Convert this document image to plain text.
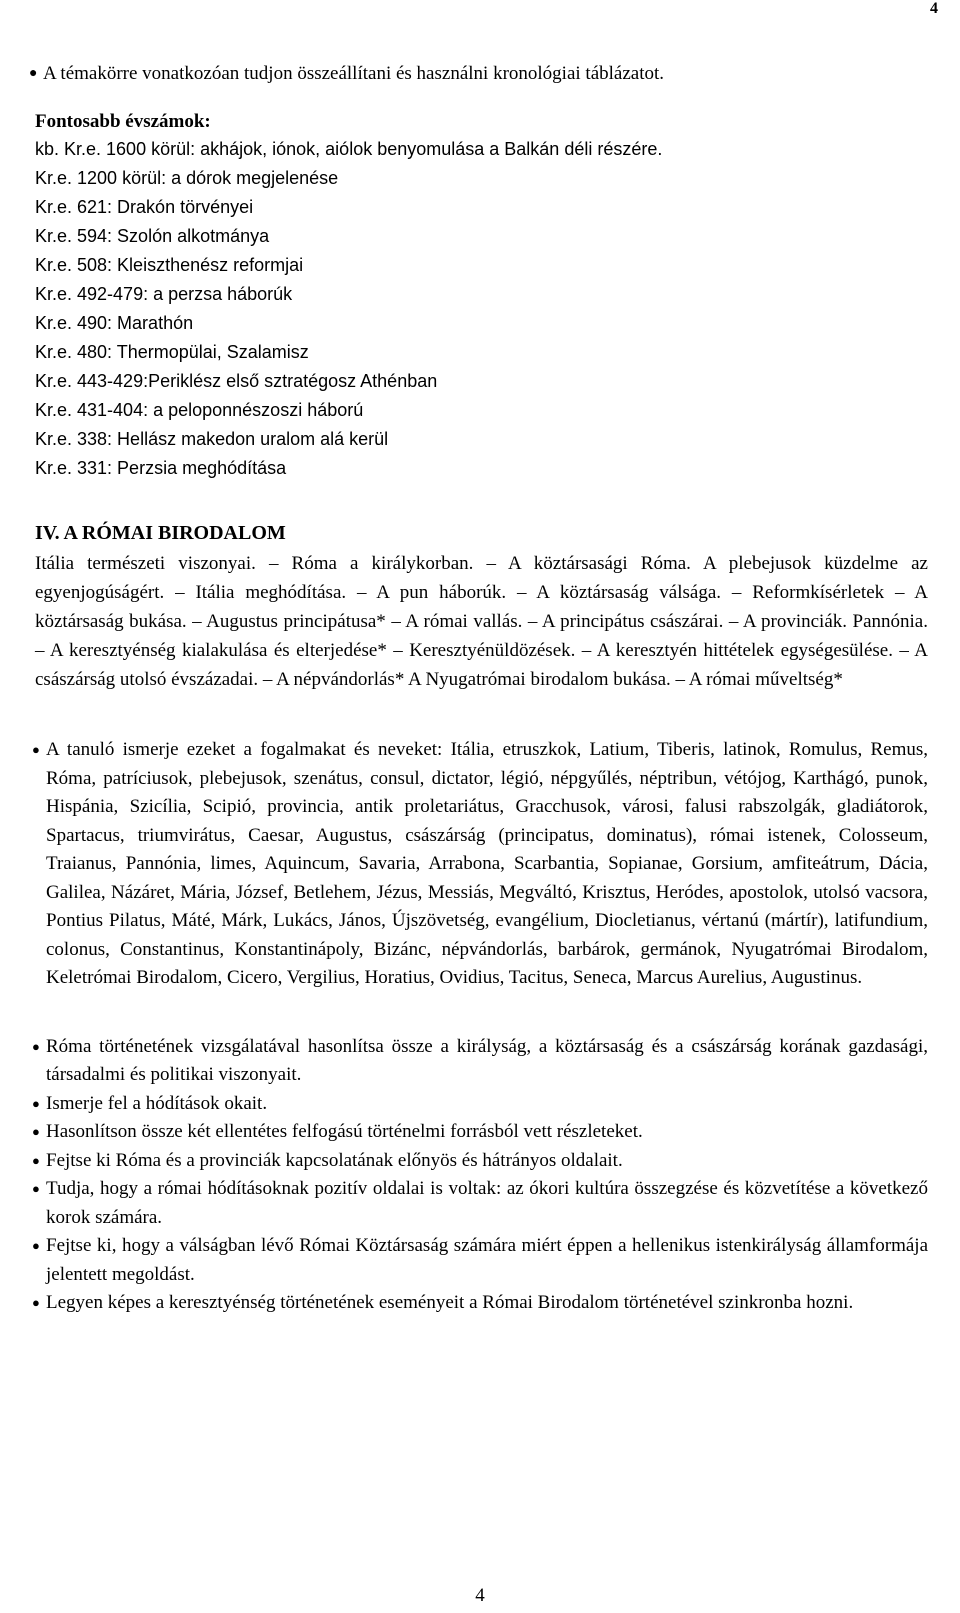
4
● A témakörre vonatkozóan tudjon összeállítani és használni kronológiai táblázatot.
Fontosabb évszámok:
kb. Kr.e. 1600 körül: akhájok, iónok, aiólok benyomulása a Balkán déli részére.
Kr.e. 1200 körül: a dórok megjelenése
Kr.e. 621: Drakón törvényei
Kr.e. 594: Szolón alkotmánya
Kr.e. 508: Kleiszthenész reformjai
Kr.e. 492-479: a perzsa háborúk
Kr.e. 490: Marathón
Kr.e. 480: Thermopülai, Szalamisz
Kr.e. 443-429:Periklész első sztratégosz Athénban
Kr.e. 431-404: a peloponnészoszi háború
Kr.e. 338: Hellász makedon uralom alá kerül
Kr.e. 331: Perzsia meghódítása
IV. A RÓMAI BIRODALOM
Itália természeti viszonyai. – Róma a királykorban. – A köztársasági Róma. A plebejusok küzdelme az egyenjogúságért. – Itália meghódítása. – A pun háborúk. – A köztársaság válsága. – Reformkísérletek – A köztársaság bukása. – Augustus principátusa* – A római vallás. – A principátus császárai. – A provinciák. Pannónia. – A keresztyénség kialakulása és elterjedése* – Keresztyénüldözések. – A keresztyén hittételek egységesülése. – A császárság utolsó évszázadai. – A népvándorlás* A Nyugatrómai birodalom bukása. – A római műveltség*
● A tanuló ismerje ezeket a fogalmakat és neveket: Itália, etruszkok, Latium, Tiberis, latinok, Romulus, Remus, Róma, patríciusok, plebejusok, szenátus, consul, dictator, légió, népgyűlés, néptribun, vétójog, Karthágó, punok, Hispánia, Szicília, Scipió, provincia, antik proletariátus, Gracchusok, városi, falusi rabszolgák, gladiátorok, Spartacus, triumvirátus, Caesar, Augustus, császárság (principatus, dominatus), római istenek, Colosseum, Traianus, Pannónia, limes, Aquincum, Savaria, Arrabona, Scarbantia, Sopianae, Gorsium, amfiteátrum, Dácia, Galilea, Názáret, Mária, József, Betlehem, Jézus, Messiás, Megváltó, Krisztus, Heródes, apostolok, utolsó vacsora, Pontius Pilatus, Máté, Márk, Lukács, János, Újszövetség, evangélium, Diocletianus, vértanú (mártír), latifundium, colonus, Constantinus, Konstantinápoly, Bizánc, népvándorlás, barbárok, germánok, Nyugatrómai Birodalom, Keletrómai Birodalom, Cicero, Vergilius, Horatius, Ovidius, Tacitus, Seneca, Marcus Aurelius, Augustinus.
● Róma történetének vizsgálatával hasonlítsa össze a királyság, a köztársaság és a császárság korának gazdasági, társadalmi és politikai viszonyait.
● Ismerje fel a hódítások okait.
● Hasonlítson össze két ellentétes felfogású történelmi forrásból vett részleteket.
● Fejtse ki Róma és a provinciák kapcsolatának előnyös és hátrányos oldalait.
● Tudja, hogy a római hódításoknak pozitív oldalai is voltak: az ókori kultúra összegzése és közvetítése a következő korok számára.
● Fejtse ki, hogy a válságban lévő Római Köztársaság számára miért éppen a hellenikus istenkirályság államformája jelentett megoldást.
● Legyen képes a keresztyénség történetének eseményeit a Római Birodalom történetével szinkronba hozni.
4
